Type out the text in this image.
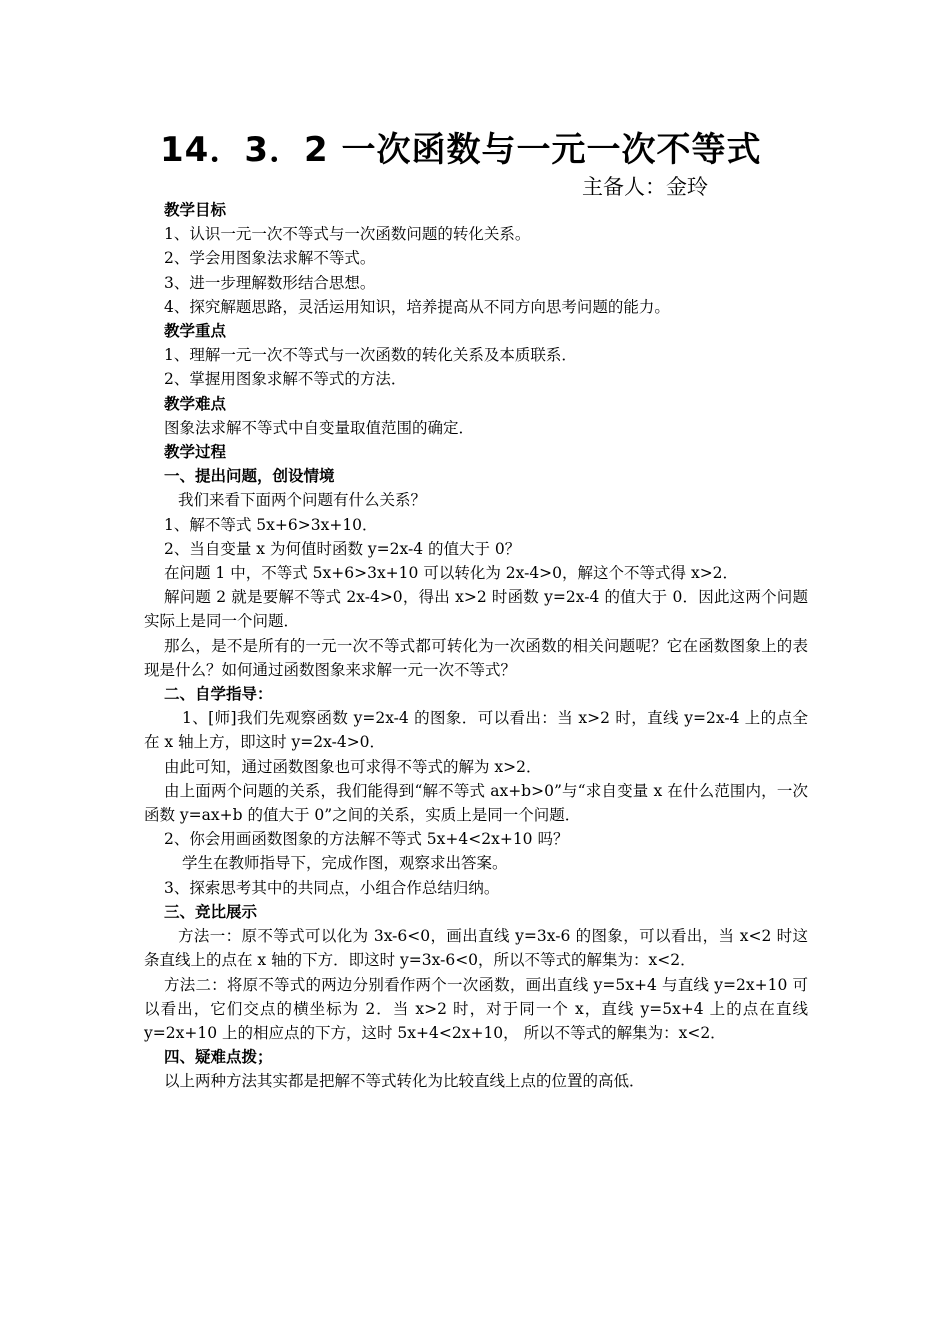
14．3．2 一次函数与一元一次不等式
主备人：金玲

教学目标

1、认识一元一次不等式与一次函数问题的转化关系。

2、学会用图象法求解不等式。

3、进一步理解数形结合思想。

4、探究解题思路，灵活运用知识，培养提高从不同方向思考问题的能力。

教学重点

1、理解一元一次不等式与一次函数的转化关系及本质联系．

2、掌握用图象求解不等式的方法．

教学难点

图象法求解不等式中自变量取值范围的确定．

教学过程

一、提出问题，创设情境

我们来看下面两个问题有什么关系？

1、解不等式 5x+6>3x+10．

2、当自变量 x 为何值时函数 y=2x-4 的值大于 0？

在问题 1 中，不等式 5x+6>3x+10 可以转化为 2x-4>0，解这个不等式得 x>2．

解问题 2 就是要解不等式 2x-4>0，得出 x>2 时函数 y=2x-4 的值大于 0．因此这两个问题实际上是同一个问题．

那么，是不是所有的一元一次不等式都可转化为一次函数的相关问题呢？它在函数图象上的表现是什么？如何通过函数图象来求解一元一次不等式？

二、自学指导：

1、[师]我们先观察函数 y=2x-4 的图象．可以看出：当 x>2 时，直线 y=2x-4 上的点全在 x 轴上方，即这时 y=2x-4>0．

由此可知，通过函数图象也可求得不等式的解为 x>2．

由上面两个问题的关系，我们能得到“解不等式 ax+b>0”与“求自变量 x 在什么范围内，一次函数 y=ax+b 的值大于 0”之间的关系，实质上是同一个问题．

2、你会用画函数图象的方法解不等式 5x+4<2x+10 吗？

学生在教师指导下，完成作图，观察求出答案。

3、探索思考其中的共同点，小组合作总结归纳。

三、竞比展示

方法一：原不等式可以化为 3x-6<0，画出直线 y=3x-6 的图象，可以看出，当 x<2 时这条直线上的点在 x 轴的下方．即这时 y=3x-6<0，所以不等式的解集为：x<2．

方法二：将原不等式的两边分别看作两个一次函数，画出直线 y=5x+4 与直线 y=2x+10 可以看出，它们交点的横坐标为 2．当 x>2 时，对于同一个 x，直线 y=5x+4 上的点在直线 y=2x+10 上的相应点的下方，这时 5x+4<2x+10， 所以不等式的解集为：x<2．

四、疑难点拨；

以上两种方法其实都是把解不等式转化为比较直线上点的位置的高低．
